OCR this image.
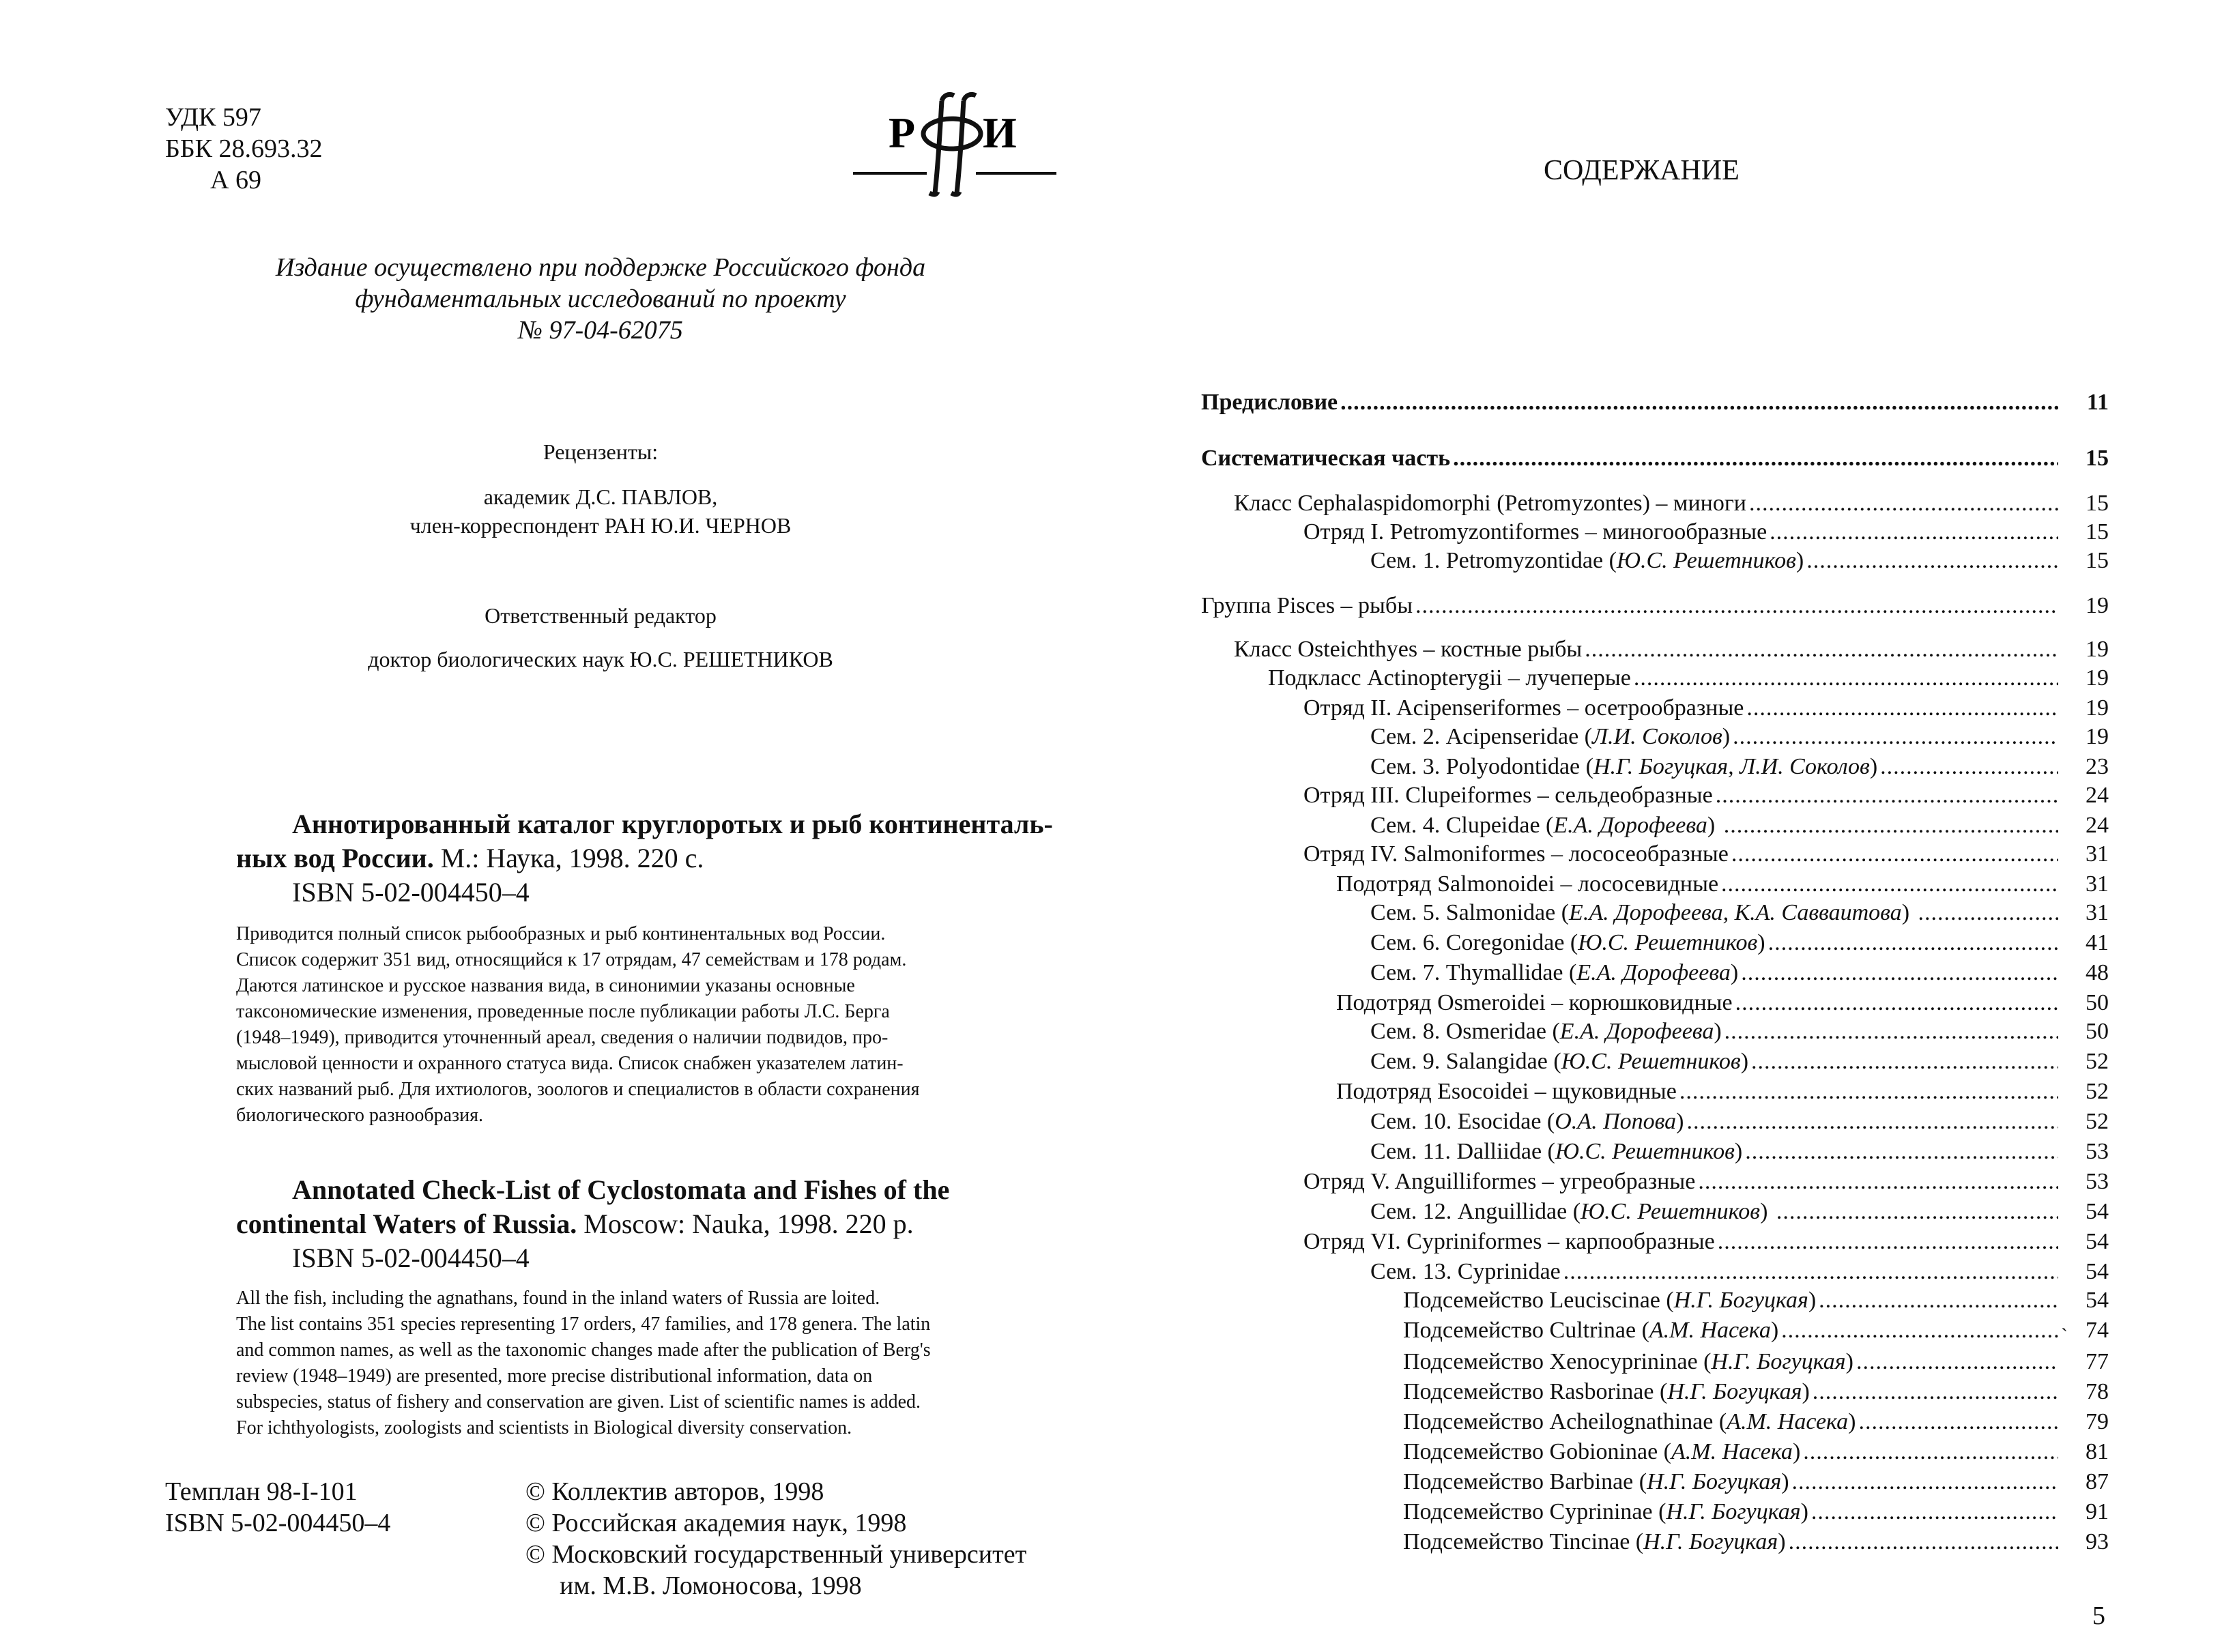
УДК 597
ББК 28.693.32
А 69
Р И
Издание осуществлено при поддержке Российского фонда
фундаментальных исследований по проекту
№ 97-04-62075
Рецензенты:
академик Д.С. ПАВЛОВ,
член-корреспондент РАН Ю.И. ЧЕРНОВ
Ответственный редактор
доктор биологических наук Ю.С. РЕШЕТНИКОВ
Аннотированный каталог круглоротых и рыб континенталь-
ных вод России. М.: Наука, 1998. 220 с.
ISBN 5-02-004450–4
Приводится полный список рыбообразных и рыб континентальных вод России.
Список содержит 351 вид, относящийся к 17 отрядам, 47 семействам и 178 родам.
Даются латинское и русское названия вида, в синонимии указаны основные
таксономические изменения, проведенные после публикации работы Л.С. Берга
(1948–1949), приводится уточненный ареал, сведения о наличии подвидов, про-
мысловой ценности и охранного статуса вида. Список снабжен указателем латин-
ских названий рыб. Для ихтиологов, зоологов и специалистов в области сохранения
биологического разнообразия.
Annotated Check-List of Cyclostomata and Fishes of the
continental Waters of Russia. Moscow: Nauka, 1998. 220 p.
ISBN 5-02-004450–4
All the fish, including the agnathans, found in the inland waters of Russia are loited.
The list contains 351 species representing 17 orders, 47 families, and 178 genera. The latin
and common names, as well as the taxonomic changes made after the publication of Berg's
review (1948–1949) are presented, more precise distributional information, data on
subspecies, status of fishery and conservation are given. List of scientific names is added.
For ichthyologists, zoologists and scientists in Biological diversity conservation.
Темплан 98-I-101
ISBN 5-02-004450–4
© Коллектив авторов, 1998
© Российская академия наук, 1998
© Московский государственный университет
им. М.В. Ломоносова, 1998
СОДЕРЖАНИЕ
Предисловие .....	11
Систематическая часть .....	15
Класс Cephalaspidomorphi (Petromyzontes) – миноги .....	15
Отряд I. Petromyzontiformes – миногообразные .....	15
Сем. 1. Petromyzontidae ( Ю.С. Решетников ) .....	15
Группа Pisces – рыбы .....	19
Класс Osteichthyes – костные рыбы .....	19
Подкласс Actinopterygii – лучеперые .....	19
Отряд II. Acipenseriformes – осетрообразные .....	19
Сем. 2. Acipenseridae ( Л.И. Соколов ) .....	19
Сем. 3. Polyodontidae ( Н.Г. Богуцкая, Л.И. Соколов ) .....	23
Отряд III. Clupeiformes – сельдеобразные .....	24
Сем. 4. Clupeidae ( Е.А. Дорофеева ) .....	24
Отряд IV. Salmoniformes – лососеобразные .....	31
Подотряд Salmonoidei – лососевидные .....	31
Сем. 5. Salmonidae ( Е.А. Дорофеева, К.А. Савваитова ) .....	31
Сем. 6. Coregonidae ( Ю.С. Решетников ) .....	41
Сем. 7. Thymallidae ( Е.А. Дорофеева ) .....	48
Подотряд Osmeroidei – корюшковидные .....	50
Сем. 8. Osmeridae ( Е.А. Дорофеева ) .....	50
Сем. 9. Salangidae ( Ю.С. Решетников ) .....	52
Подотряд Esocoidei – щуковидные .....	52
Сем. 10. Esocidae ( О.А. Попова ) .....	52
Сем. 11. Dalliidae ( Ю.С. Решетников ) .....	53
Отряд V. Anguilliformes – угреобразные .....	53
Сем. 12. Anguillidae ( Ю.С. Решетников ) .....	54
Отряд VI. Cypriniformes – карпообразные .....	54
Сем. 13. Cyprinidae .....	54
Подсемейство Leuciscinae ( Н.Г. Богуцкая ) .....	54
Подсемейство Cultrinae ( А.М. Насека ) .....	74
Подсемейство Xenocyprininae ( Н.Г. Богуцкая ) .....	77
Подсемейство Rasborinae ( Н.Г. Богуцкая ) .....	78
Подсемейство Acheilognathinae ( А.М. Насека ) .....	79
Подсемейство Gobioninae ( А.М. Насека ) .....	81
Подсемейство Barbinae ( Н.Г. Богуцкая ) .....	87
Подсемейство Cyprininae ( Н.Г. Богуцкая ) .....	91
Подсемейство Tincinae ( Н.Г. Богуцкая ) .....	93
`
5
